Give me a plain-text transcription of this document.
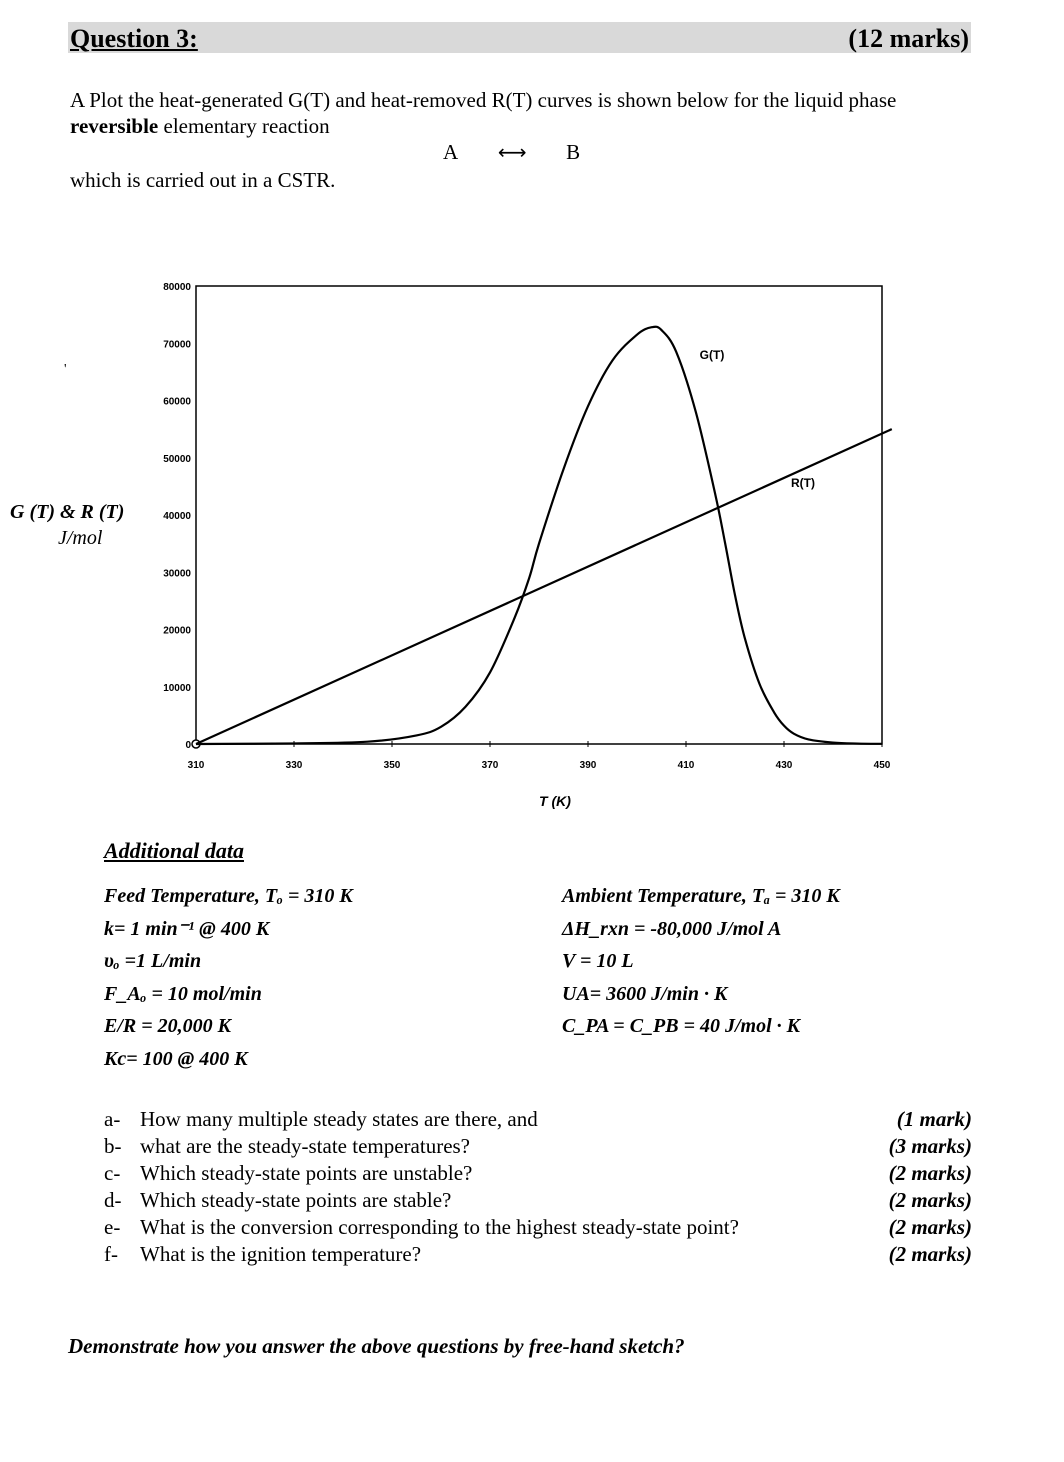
Question 3:	(12 marks)
A Plot the heat-generated G(T) and heat-removed R(T) curves is shown below for the liquid phase reversible elementary reaction
A ⟷ B
which is carried out in a CSTR.
'
G (T) & R (T)
J/mol
0
10000
20000
30000
40000
50000
60000
70000
80000
310	330	350	370	390	410	430	450
T (K)
G(T)
R(T)
Additional data
Feed Temperature, Tₒ = 310 K
k= 1 min⁻¹ @ 400 K
υₒ =1 L/min
F_Aₒ = 10 mol/min
E/R = 20,000 K
Kc= 100 @ 400 K
Ambient Temperature, Tₐ = 310 K
ΔH_rxn = -80,000 J/mol A
V = 10 L
UA= 3600 J/min · K
C_PA = C_PB = 40 J/mol · K
a- How many multiple steady states are there, and	(1 mark)
b- what are the steady-state temperatures?	(3 marks)
c- Which steady-state points are unstable?	(2 marks)
d- Which steady-state points are stable?	(2 marks)
e- What is the conversion corresponding to the highest steady-state point?	(2 marks)
f- What is the ignition temperature?	(2 marks)
Demonstrate how you answer the above questions by free-hand sketch?
